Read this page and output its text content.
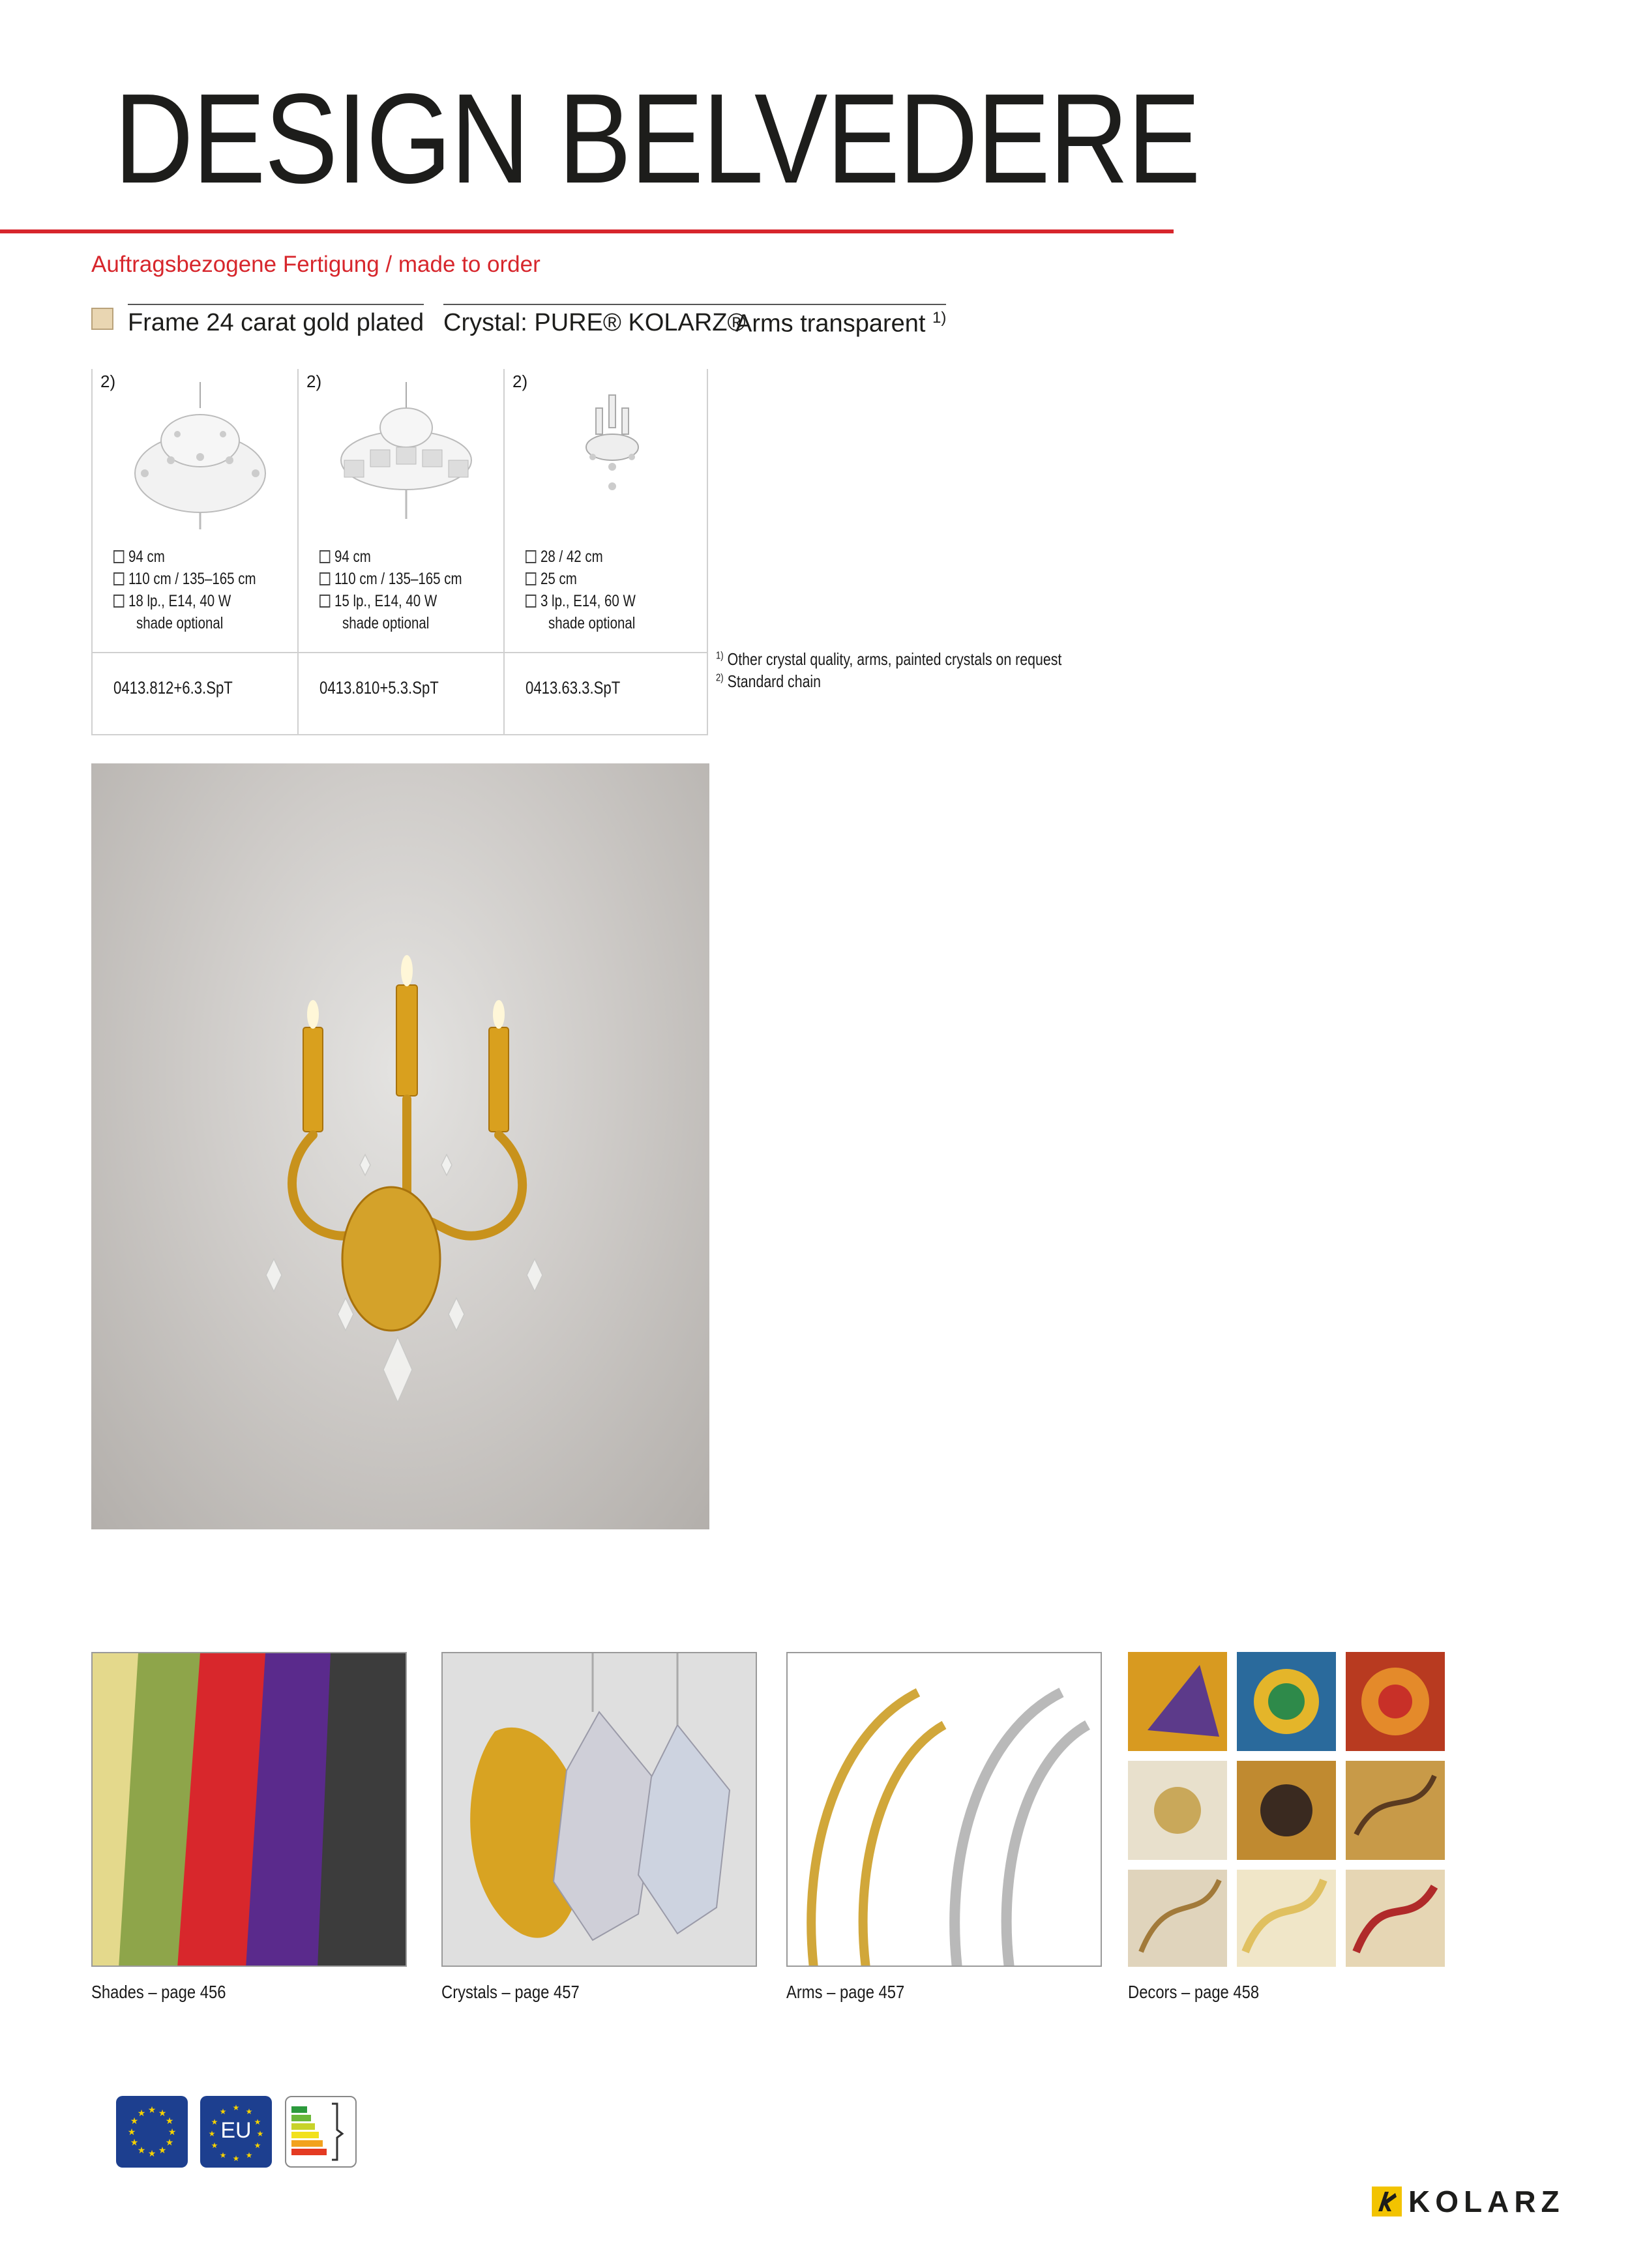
DESIGN BELVEDERE
Auftragsbezogene Fertigung / made to order
Frame 24 carat gold plated Crystal: PURE® KOLARZ®
Arms transparent $^{1)}$
2)
94 cm
110 cm / 135–165 cm
18 lp., E14, 40 W
shade optional
0413.812+6.3.SpT
2)
94 cm
110 cm / 135–165 cm
15 lp., E14, 40 W
shade optional
0413.810+5.3.SpT
2)
28 / 42 cm
25 cm
3 lp., E14, 60 W
shade optional
0413.63.3.SpT
$^{1)}$ Other crystal quality, arms, painted crystals on request
$^{2)}$ Standard chain
Shades – page 456	Crystals – page 457	Arms – page 457	Decors – page 458
★ ★
★
★
★
★
★
★
★
★
★
★
★ ★
★
★
★
★
★
★
★
★
★
★
EU
KOLARZ
